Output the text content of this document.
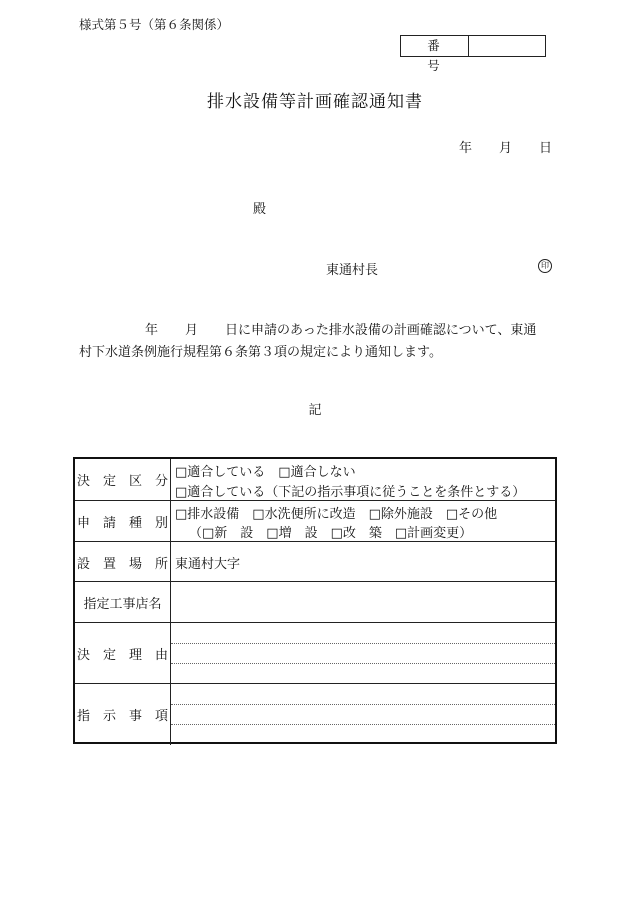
様式第５号（第６条関係）
番　号
排水設備等計画確認通知書
年 月 日
殿
東通村長	印
年 月 日に申請のあった排水設備の計画確認について、東通
村下水道条例施行規程第６条第３項の規定により通知します。
記
決　定　区　分
□適合している　□適合しない
□適合している（下記の指示事項に従うことを条件とする）
申　請　種　別
□排水設備　□水洗便所に改造　□除外施設　□その他
（□新　設　□増　設　□改　築　□計画変更）
設　置　場　所 東通村大字
指定工事店名
決　定　理　由
指　示　事　項
